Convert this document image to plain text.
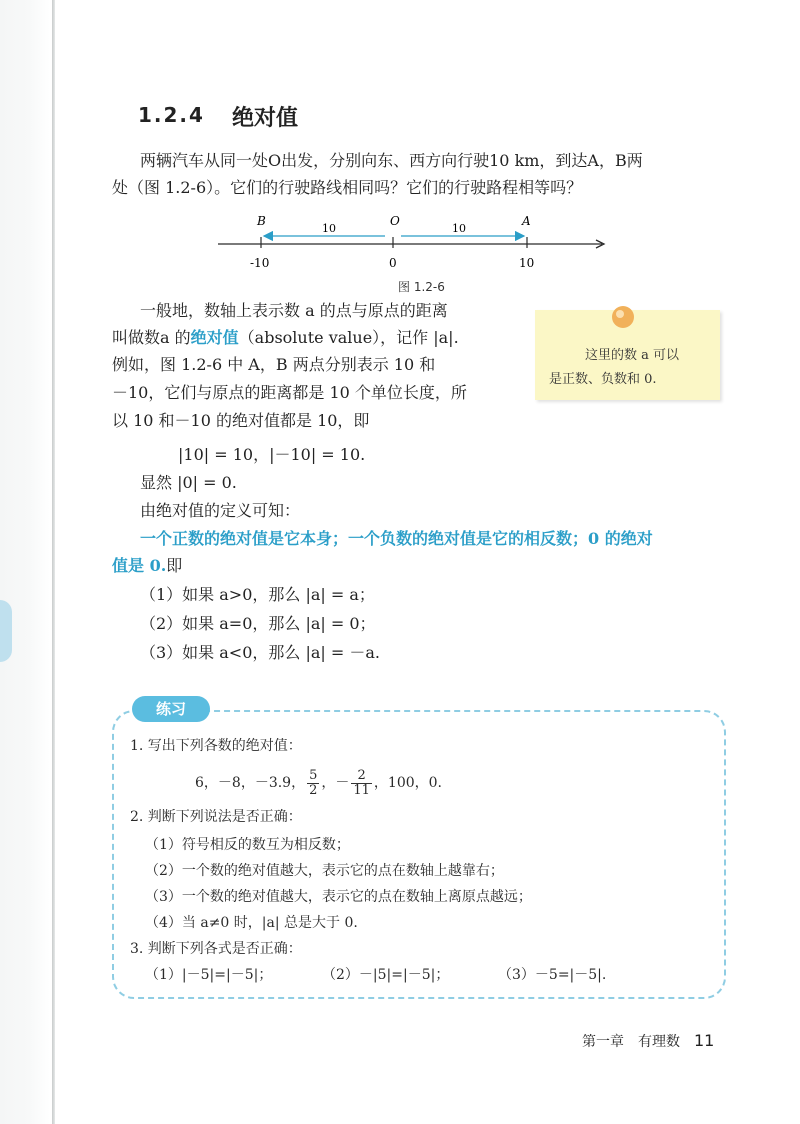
1.2.4 绝对值
两辆汽车从同一处O出发，分别向东、西方向行驶10 km，到达A，B两
处（图 1.2-6）。它们的行驶路线相同吗？它们的行驶路程相等吗？
B	O	A
10	10
-10	0	10
图 1.2-6
一般地，数轴上表示数 a 的点与原点的距离
叫做数a 的绝对值（absolute value），记作 |a|.
例如，图 1.2-6 中 A，B 两点分别表示 10 和
－10，它们与原点的距离都是 10 个单位长度，所
以 10 和－10 的绝对值都是 10，即
|10| = 10，|－10| = 10.
显然 |0| = 0.
由绝对值的定义可知：
这里的数 a 可以
是正数、负数和 0.
一个正数的绝对值是它本身；一个负数的绝对值是它的相反数；0 的绝对
值是 0.即
（1）如果 a>0，那么 |a| = a；
（2）如果 a=0，那么 |a| = 0；
（3）如果 a<0，那么 |a| = －a.
练习
1. 写出下列各数的绝对值：
6，－8，－3.9， $\frac{5}{2}$ ，－ $\frac{2}{11}$ ，100，0.
2. 判断下列说法是否正确：
（1）符号相反的数互为相反数；
（2）一个数的绝对值越大，表示它的点在数轴上越靠右；
（3）一个数的绝对值越大，表示它的点在数轴上离原点越远；
（4）当 a≠0 时，|a| 总是大于 0.
3. 判断下列各式是否正确：
（1）|－5|=|－5|；	（2）－|5|=|－5|；	（3）－5=|－5|.
第一章　有理数 11
